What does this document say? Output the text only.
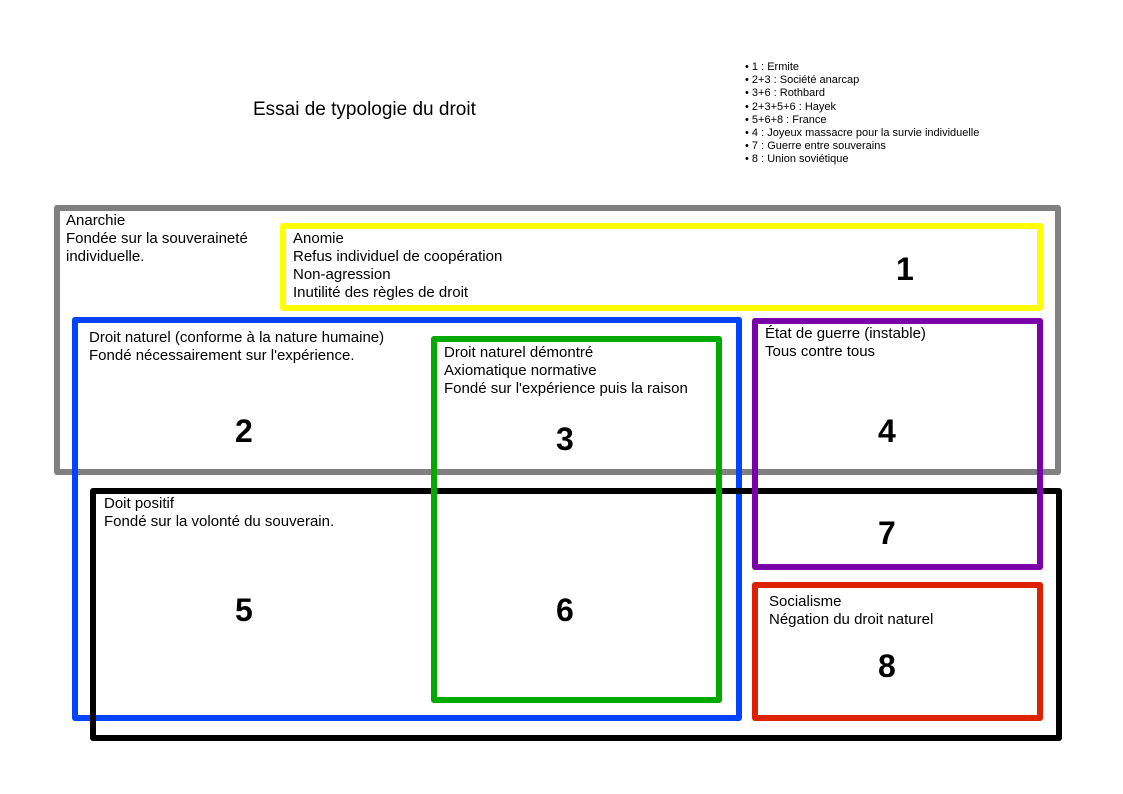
Essai de typologie du droit
• 1 : Ermite
• 2+3 : Société anarcap
• 3+6 : Rothbard
• 2+3+5+6 : Hayek
• 5+6+8 : France
• 4 : Joyeux massacre pour la survie individuelle
• 7 : Guerre entre souverains
• 8 : Union soviétique
Anarchie
Fondée sur la souveraineté
individuelle.
Anomie
Refus individuel de coopération
Non-agression
Inutilité des règles de droit
Droit naturel (conforme à la nature humaine)
Fondé nécessairement sur l'expérience.	Droit naturel démontré
Axiomatique normative
Fondé sur l'expérience puis la raison
État de guerre (instable)
Tous contre tous
Doit positif
Fondé sur la volonté du souverain.
Socialisme
Négation du droit naturel
1
2	3	4
7
5	6
8
